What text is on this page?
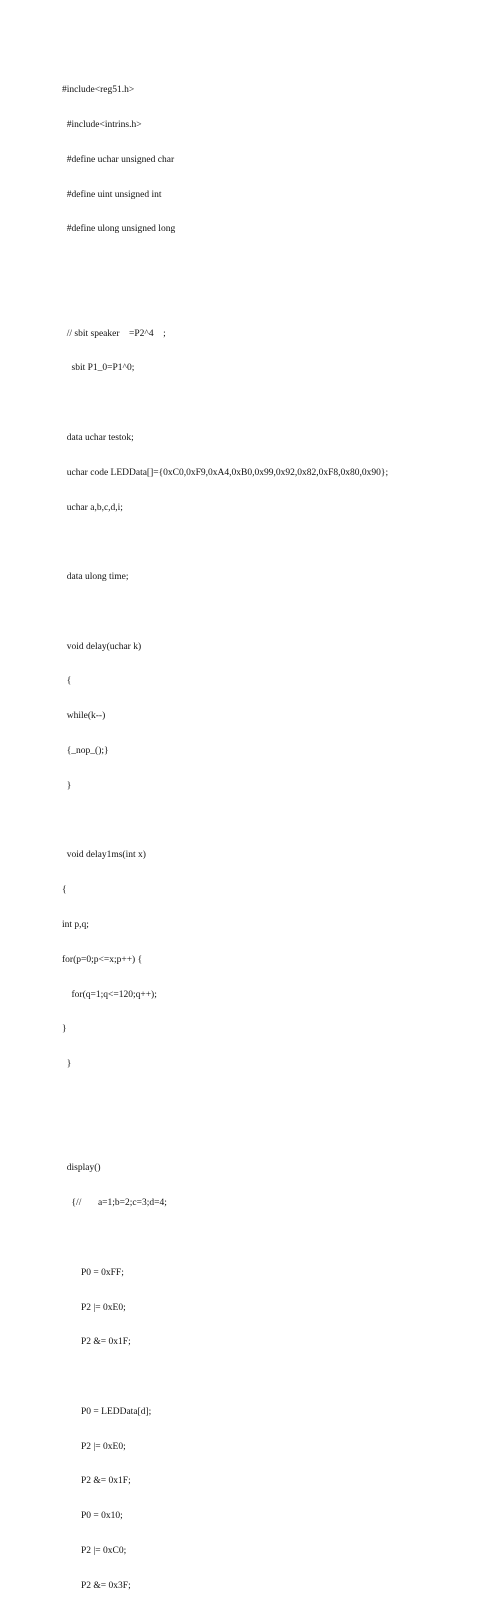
#include<reg51.h>

#include<intrins.h>

#define uchar unsigned char

#define uint unsigned int

#define ulong unsigned long

// sbit speaker    =P2^4    ;

sbit P1_0=P1^0;

data uchar testok;

uchar code LEDData[]={0xC0,0xF9,0xA4,0xB0,0x99,0x92,0x82,0xF8,0x80,0x90};

uchar a,b,c,d,i;

data ulong time;

void delay(uchar k)

{

while(k--)

{_nop_();}

}

void delay1ms(int x)

{

int p,q;

for(p=0;p<=x;p++) {

for(q=1;q<=120;q++);

}

}

display()

{//       a=1;b=2;c=3;d=4;

P0 = 0xFF;

P2 |= 0xE0;

P2 &= 0x1F;

P0 = LEDData[d];

P2 |= 0xE0;

P2 &= 0x1F;

P0 = 0x10;

P2 |= 0xC0;

P2 &= 0x3F;
